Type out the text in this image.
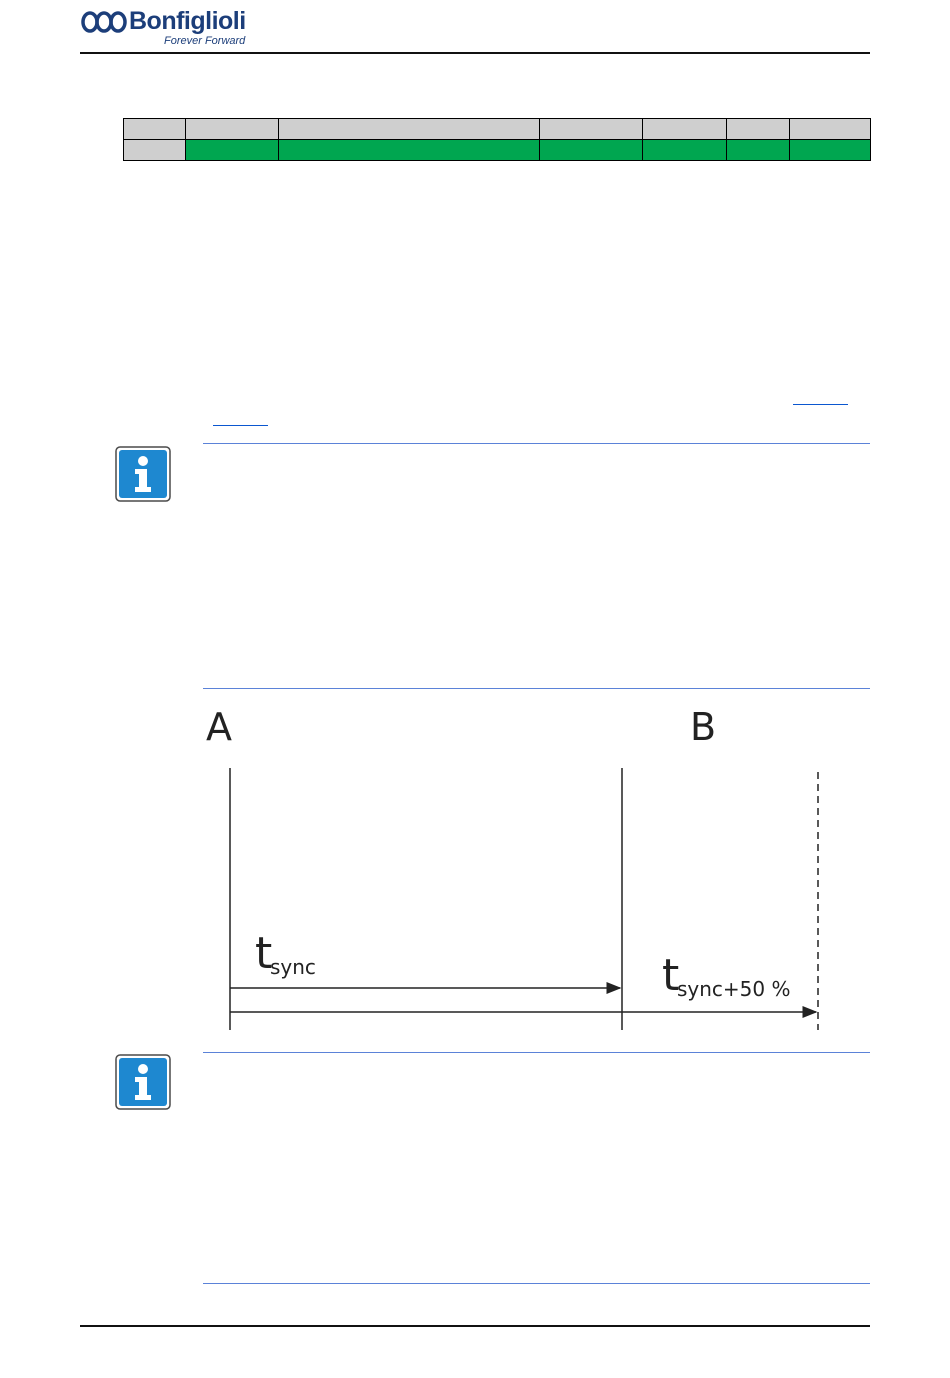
Bonfiglioli
Forever Forward

A	B
t
sync	t
sync+50 %
